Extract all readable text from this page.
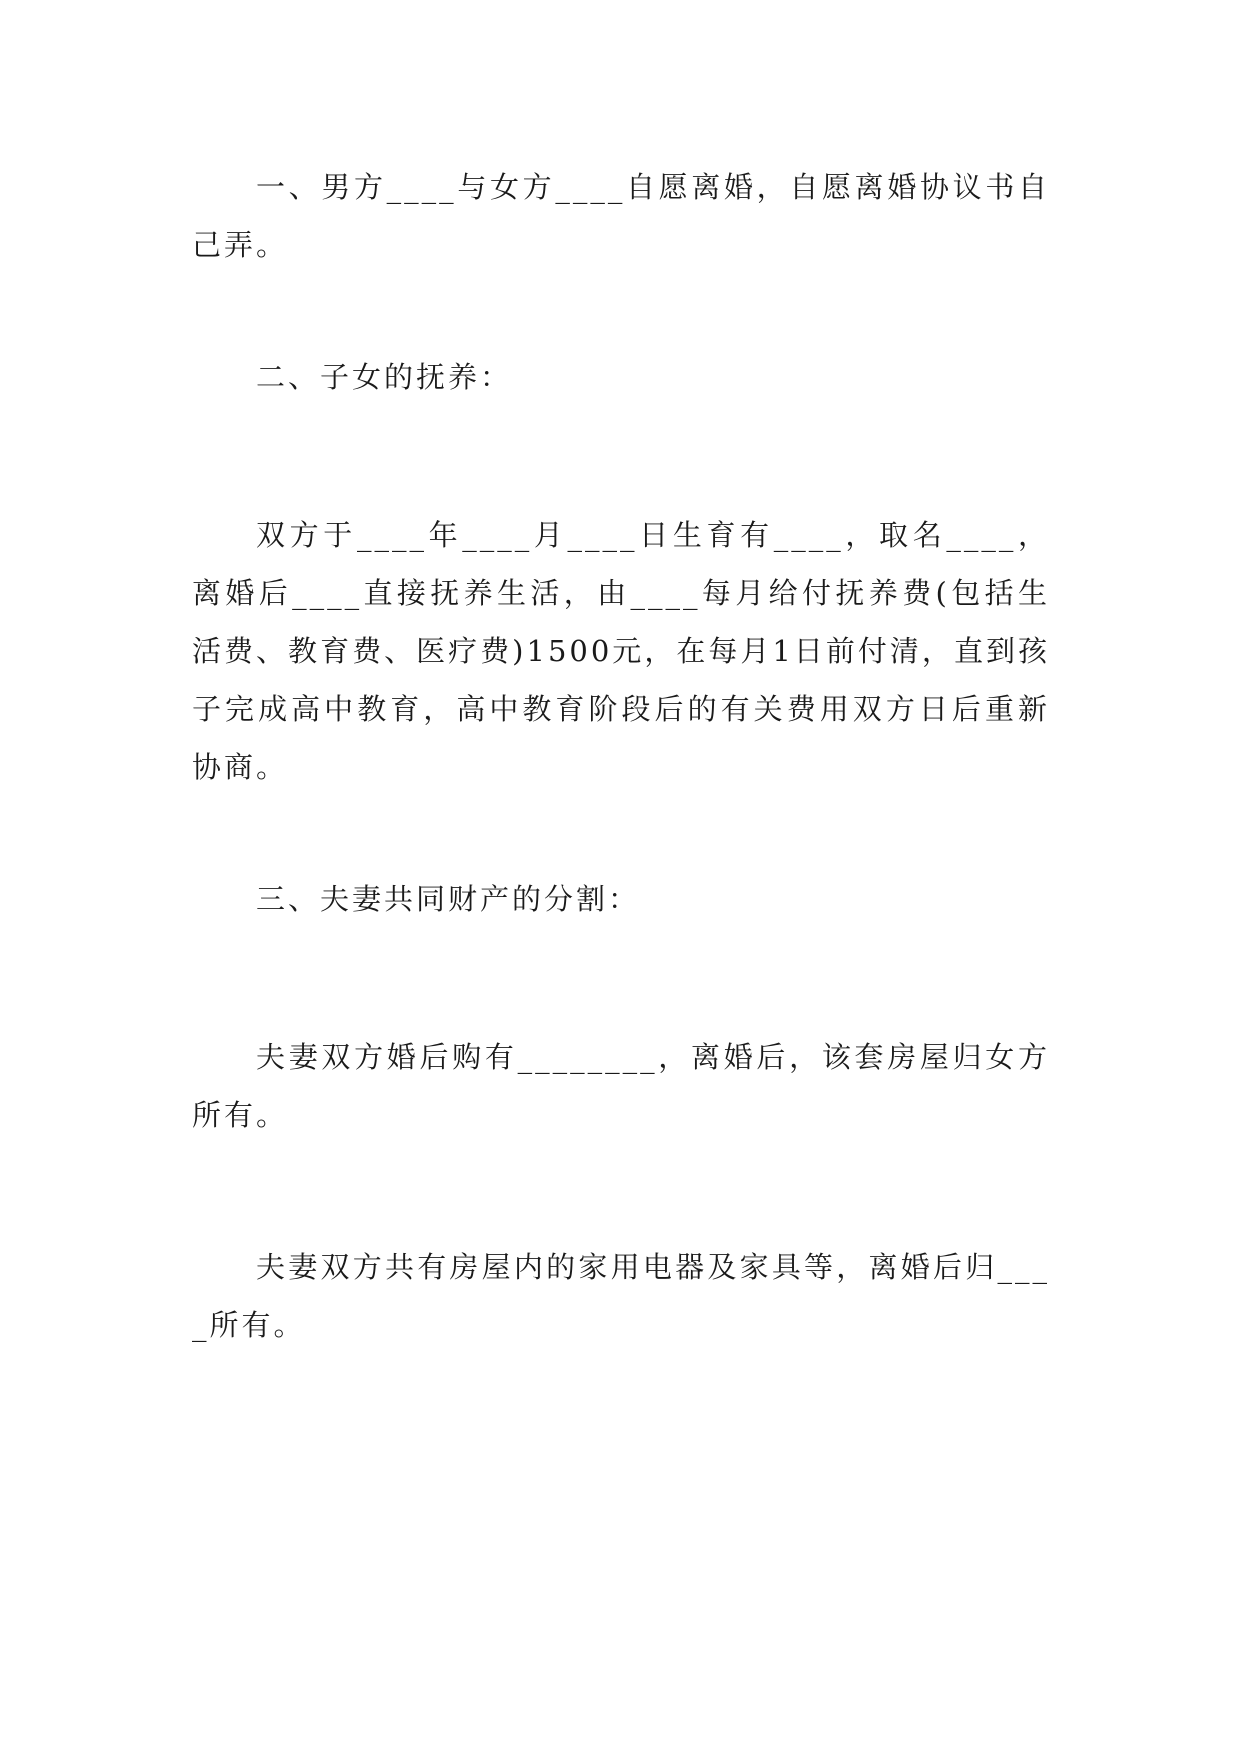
一、男方____与女方____自愿离婚，自愿离婚协议书自己弄。

二、子女的抚养：

双方于____年____月____日生育有____，取名____，离婚后____直接抚养生活，由____每月给付抚养费(包括生活费、教育费、医疗费)1500元，在每月1日前付清，直到孩子完成高中教育，高中教育阶段后的有关费用双方日后重新协商。

三、夫妻共同财产的分割：

夫妻双方婚后购有________，离婚后，该套房屋归女方所有。

夫妻双方共有房屋内的家用电器及家具等，离婚后归____所有。
